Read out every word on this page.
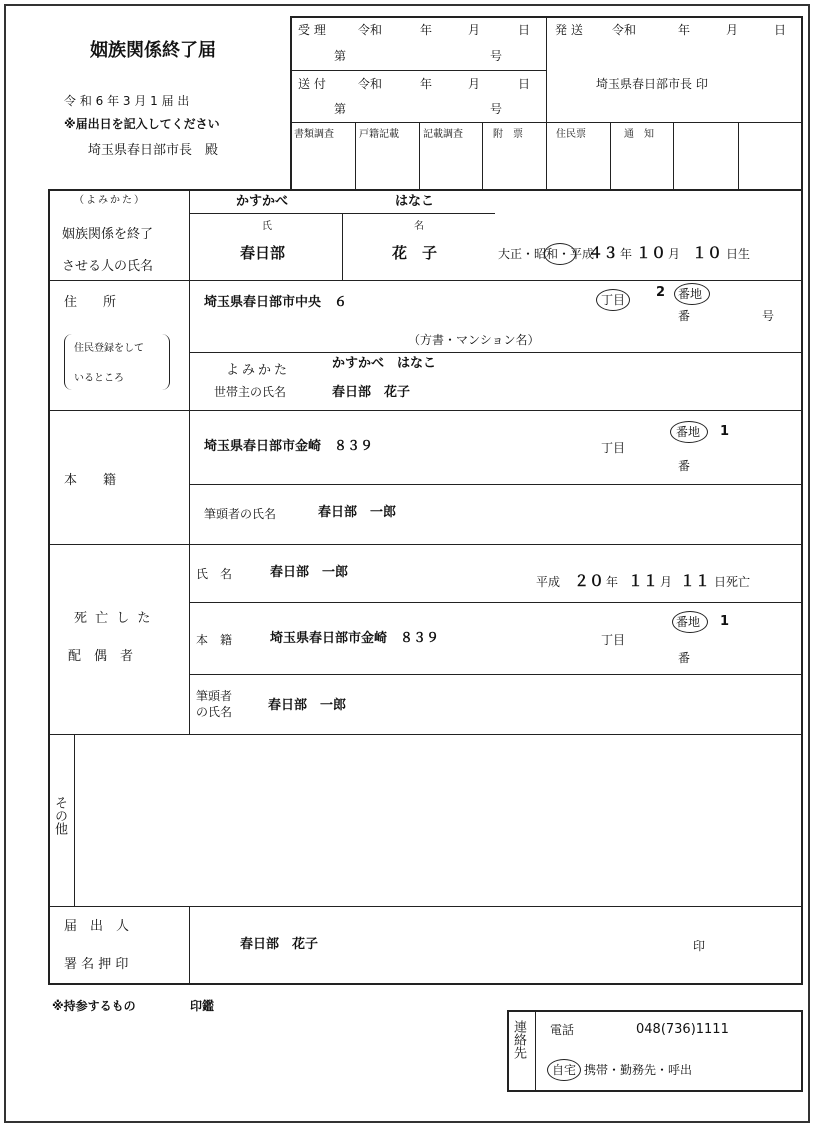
姻族関係終了届
令 和 6 年 3 月 1 届 出
※届出日を記入してください
埼玉県春日部市長　殿
受 理	令和	年	月	日
第	号
送 付	令和	年	月	日
第	号
発 送 令和	年	月	日
埼玉県春日部市長 印
書類調査	戸籍記載 記載調査	附　票	住民票	通　知
（よみかた）
姻族関係を終了
させる人の氏名
かすかべ	はなこ
氏	名
春日部	花　子	大正・昭和・平成
４３ 年 １０ 月 １０ 日生
住　　所
住民登録をして
いるところ
埼玉県春日部市中央　６	丁目 2 番地
番	号
（方書・マンション名）
よみかた
世帯主の氏名
かすかべ　はなこ
春日部　花子
本　　籍
埼玉県春日部市金崎　８３９	丁目
番地 1
番
筆頭者の氏名	春日部　一郎
死 亡 し た
配　偶　者
氏　名	春日部　一郎
平成 ２０ 年 １１ 月 １１ 日死亡
本　籍	埼玉県春日部市金崎　８３９	丁目
番地 1
番
筆頭者
の氏名	春日部　一郎
その他
届　出　人
署 名 押 印
春日部　花子	印
※持参するもの	印鑑
連絡先 電話	048(736)1111
自宅 携帯・勤務先・呼出
